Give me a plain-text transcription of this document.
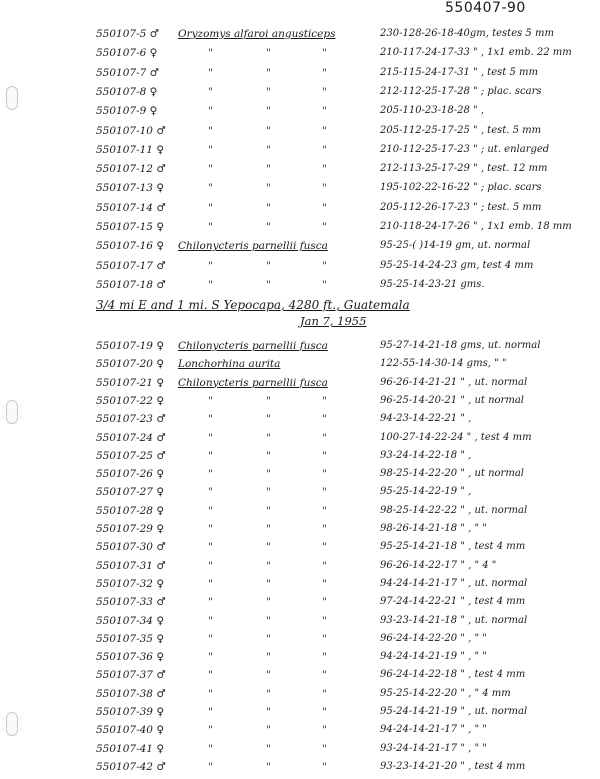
550407-90
550107-5 ♂	Oryzomys alfaroi angusticeps	230-128-26-18-40gm, testes 5 mm
550107-6 ♀	"	"	"	210-117-24-17-33 " , 1x1 emb. 22 mm
550107-7 ♂	"	"	"	215-115-24-17-31 " , test 5 mm
550107-8 ♀	"	"	"	212-112-25-17-28 " ; plac. scars
550107-9 ♀	"	"	"	205-110-23-18-28 " ,
550107-10 ♂	"	"	"	205-112-25-17-25 " , test. 5 mm
550107-11 ♀	"	"	"	210-112-25-17-23 " ; ut. enlarged
550107-12 ♂	"	"	"	212-113-25-17-29 " , test. 12 mm
550107-13 ♀	"	"	"	195-102-22-16-22 " ; plac. scars
550107-14 ♂	"	"	"	205-112-26-17-23 " ; test. 5 mm
550107-15 ♀	"	"	"	210-118-24-17-26 " , 1x1 emb. 18 mm
550107-16 ♀	Chilonycteris parnellii fusca	95-25-( )14-19 gm, ut. normal
550107-17 ♂	"	"	"	95-25-14-24-23 gm, test 4 mm
550107-18 ♂	"	"	"	95-25-14-23-21 gms.
3/4 mi E and 1 mi. S Yepocapa, 4280 ft., Guatemala
Jan 7, 1955
550107-19 ♀	Chilonycteris parnellii fusca	95-27-14-21-18 gms, ut. normal
550107-20 ♀	Lonchorhina aurita	122-55-14-30-14 gms, " "
550107-21 ♀	Chilonycteris parnellii fusca	96-26-14-21-21 " , ut. normal
550107-22 ♀	"	"	"	96-25-14-20-21 " , ut normal
550107-23 ♂	"	"	"	94-23-14-22-21 " ,
550107-24 ♂	"	"	"	100-27-14-22-24 " , test 4 mm
550107-25 ♂	"	"	"	93-24-14-22-18 " ,
550107-26 ♀	"	"	"	98-25-14-22-20 " , ut normal
550107-27 ♀	"	"	"	95-25-14-22-19 " ,
550107-28 ♀	"	"	"	98-25-14-22-22 " , ut. normal
550107-29 ♀	"	"	"	98-26-14-21-18 " , " "
550107-30 ♂	"	"	"	95-25-14-21-18 " , test 4 mm
550107-31 ♂	"	"	"	96-26-14-22-17 " , " 4 "
550107-32 ♀	"	"	"	94-24-14-21-17 " , ut. normal
550107-33 ♂	"	"	"	97-24-14-22-21 " , test 4 mm
550107-34 ♀	"	"	"	93-23-14-21-18 " , ut. normal
550107-35 ♀	"	"	"	96-24-14-22-20 " , " "
550107-36 ♀	"	"	"	94-24-14-21-19 " , " "
550107-37 ♂	"	"	"	96-24-14-22-18 " , test 4 mm
550107-38 ♂	"	"	"	95-25-14-22-20 " , " 4 mm
550107-39 ♀	"	"	"	95-24-14-21-19 " , ut. normal
550107-40 ♀	"	"	"	94-24-14-21-17 " , " "
550107-41 ♀	"	"	"	93-24-14-21-17 " , " "
550107-42 ♂	"	"	"	93-23-14-21-20 " , test 4 mm
